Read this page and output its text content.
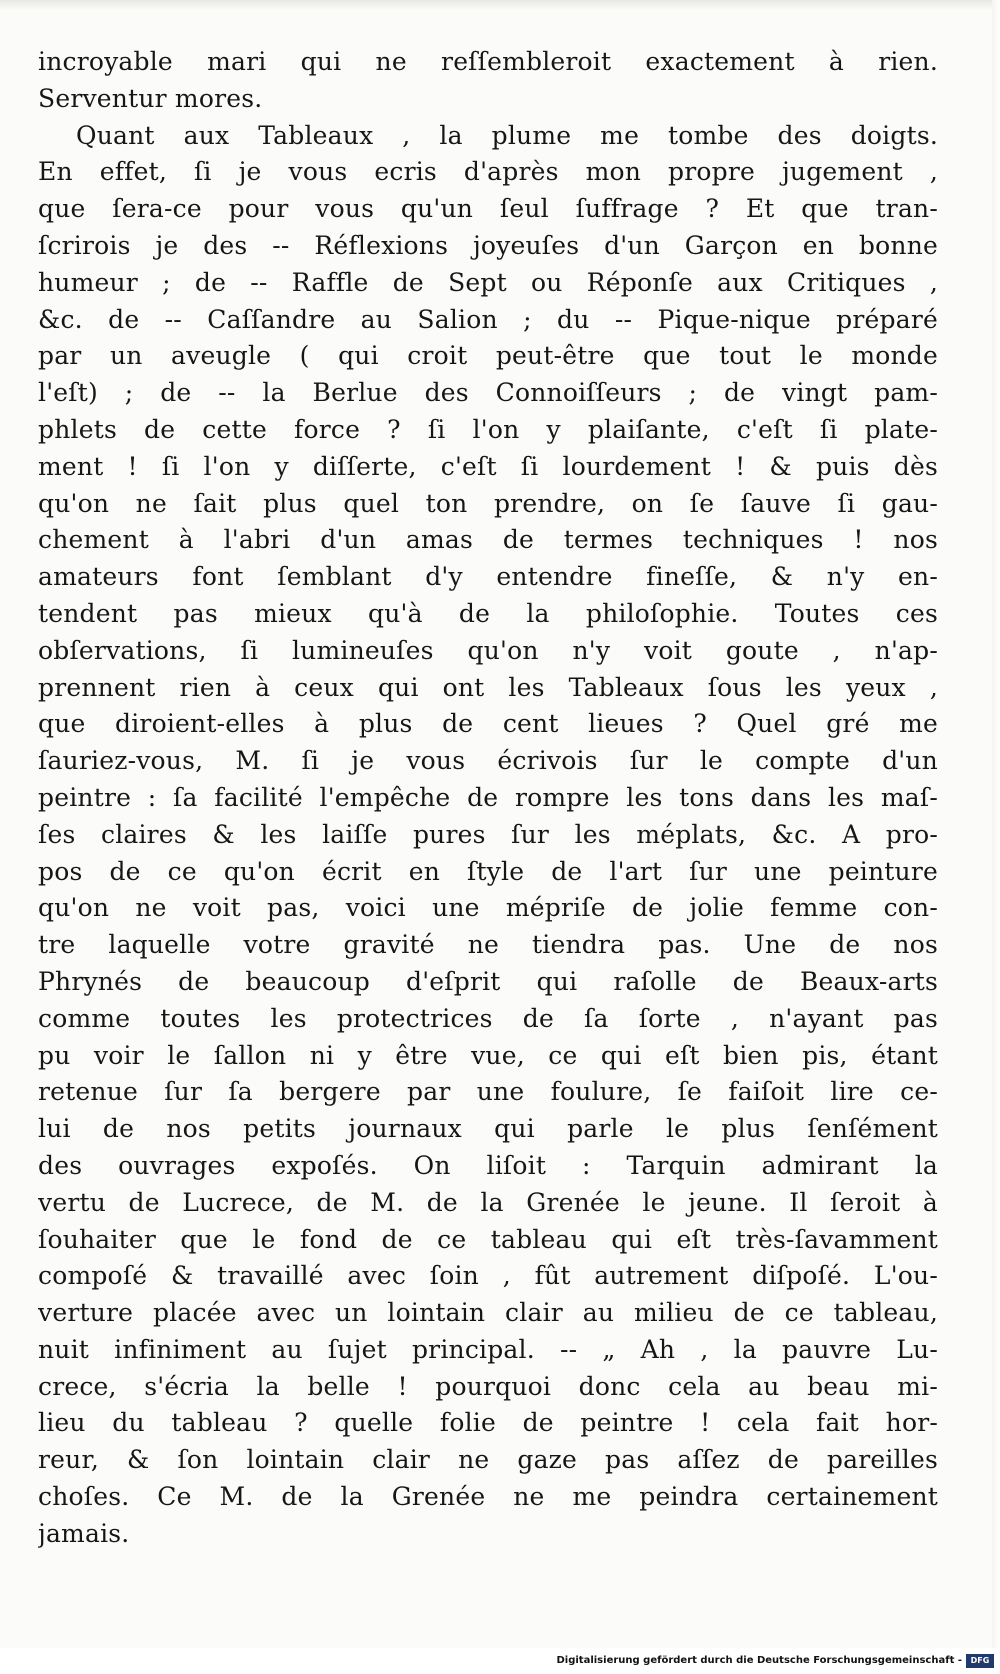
incroyable mari qui ne reſſembleroit exactement à rien.
Serventur mores.
Quant aux Tableaux , la plume me tombe des doigts.
En effet, ſi je vous ecris d'après mon propre jugement ,
que ſera-ce pour vous qu'un ſeul ſuffrage ? Et que tran-
ſcrirois je des -- Réflexions joyeuſes d'un Garçon en bonne
humeur ; de -- Raffle de Sept ou Réponſe aux Critiques ,
&c. de -- Caſſandre au Salion ; du -- Pique-nique préparé
par un aveugle ( qui croit peut-être que tout le monde
l'eſt) ; de -- la Berlue des Connoiſſeurs ; de vingt pam-
phlets de cette force ? ſi l'on y plaiſante, c'eſt ſi plate-
ment ! ſi l'on y diſſerte, c'eſt ſi lourdement ! & puis dès
qu'on ne ſait plus quel ton prendre, on ſe ſauve ſi gau-
chement à l'abri d'un amas de termes techniques ! nos
amateurs font ſemblant d'y entendre fineſſe, & n'y en-
tendent pas mieux qu'à de la philoſophie. Toutes ces
obſervations, ſi lumineuſes qu'on n'y voit goute , n'ap-
prennent rien à ceux qui ont les Tableaux ſous les yeux ,
que diroient-elles à plus de cent lieues ? Quel gré me
ſauriez-vous, M. ſi je vous écrivois ſur le compte d'un
peintre : ſa facilité l'empêche de rompre les tons dans les maſ-
ſes claires & les laiſſe pures ſur les méplats, &c. A pro-
pos de ce qu'on écrit en ſtyle de l'art ſur une peinture
qu'on ne voit pas, voici une mépriſe de jolie femme con-
tre laquelle votre gravité ne tiendra pas. Une de nos
Phrynés de beaucoup d'eſprit qui raſolle de Beaux-arts
comme toutes les protectrices de ſa ſorte , n'ayant pas
pu voir le ſallon ni y être vue, ce qui eſt bien pis, étant
retenue ſur ſa bergere par une foulure, ſe faiſoit lire ce-
lui de nos petits journaux qui parle le plus ſenſément
des ouvrages expoſés. On liſoit : Tarquin admirant la
vertu de Lucrece, de M. de la Grenée le jeune. Il ſeroit à
ſouhaiter que le fond de ce tableau qui eſt très-ſavamment
compoſé & travaillé avec ſoin , fût autrement diſpoſé. L'ou-
verture placée avec un lointain clair au milieu de ce tableau,
nuit infiniment au ſujet principal. -- „ Ah , la pauvre Lu-
crece, s'écria la belle ! pourquoi donc cela au beau mi-
lieu du tableau ? quelle folie de peintre ! cela fait hor-
reur, & ſon lointain clair ne gaze pas aſſez de pareilles
choſes. Ce M. de la Grenée ne me peindra certainement
jamais.
Digitalisierung gefördert durch die Deutsche Forschungsgemeinschaft -	DFG
